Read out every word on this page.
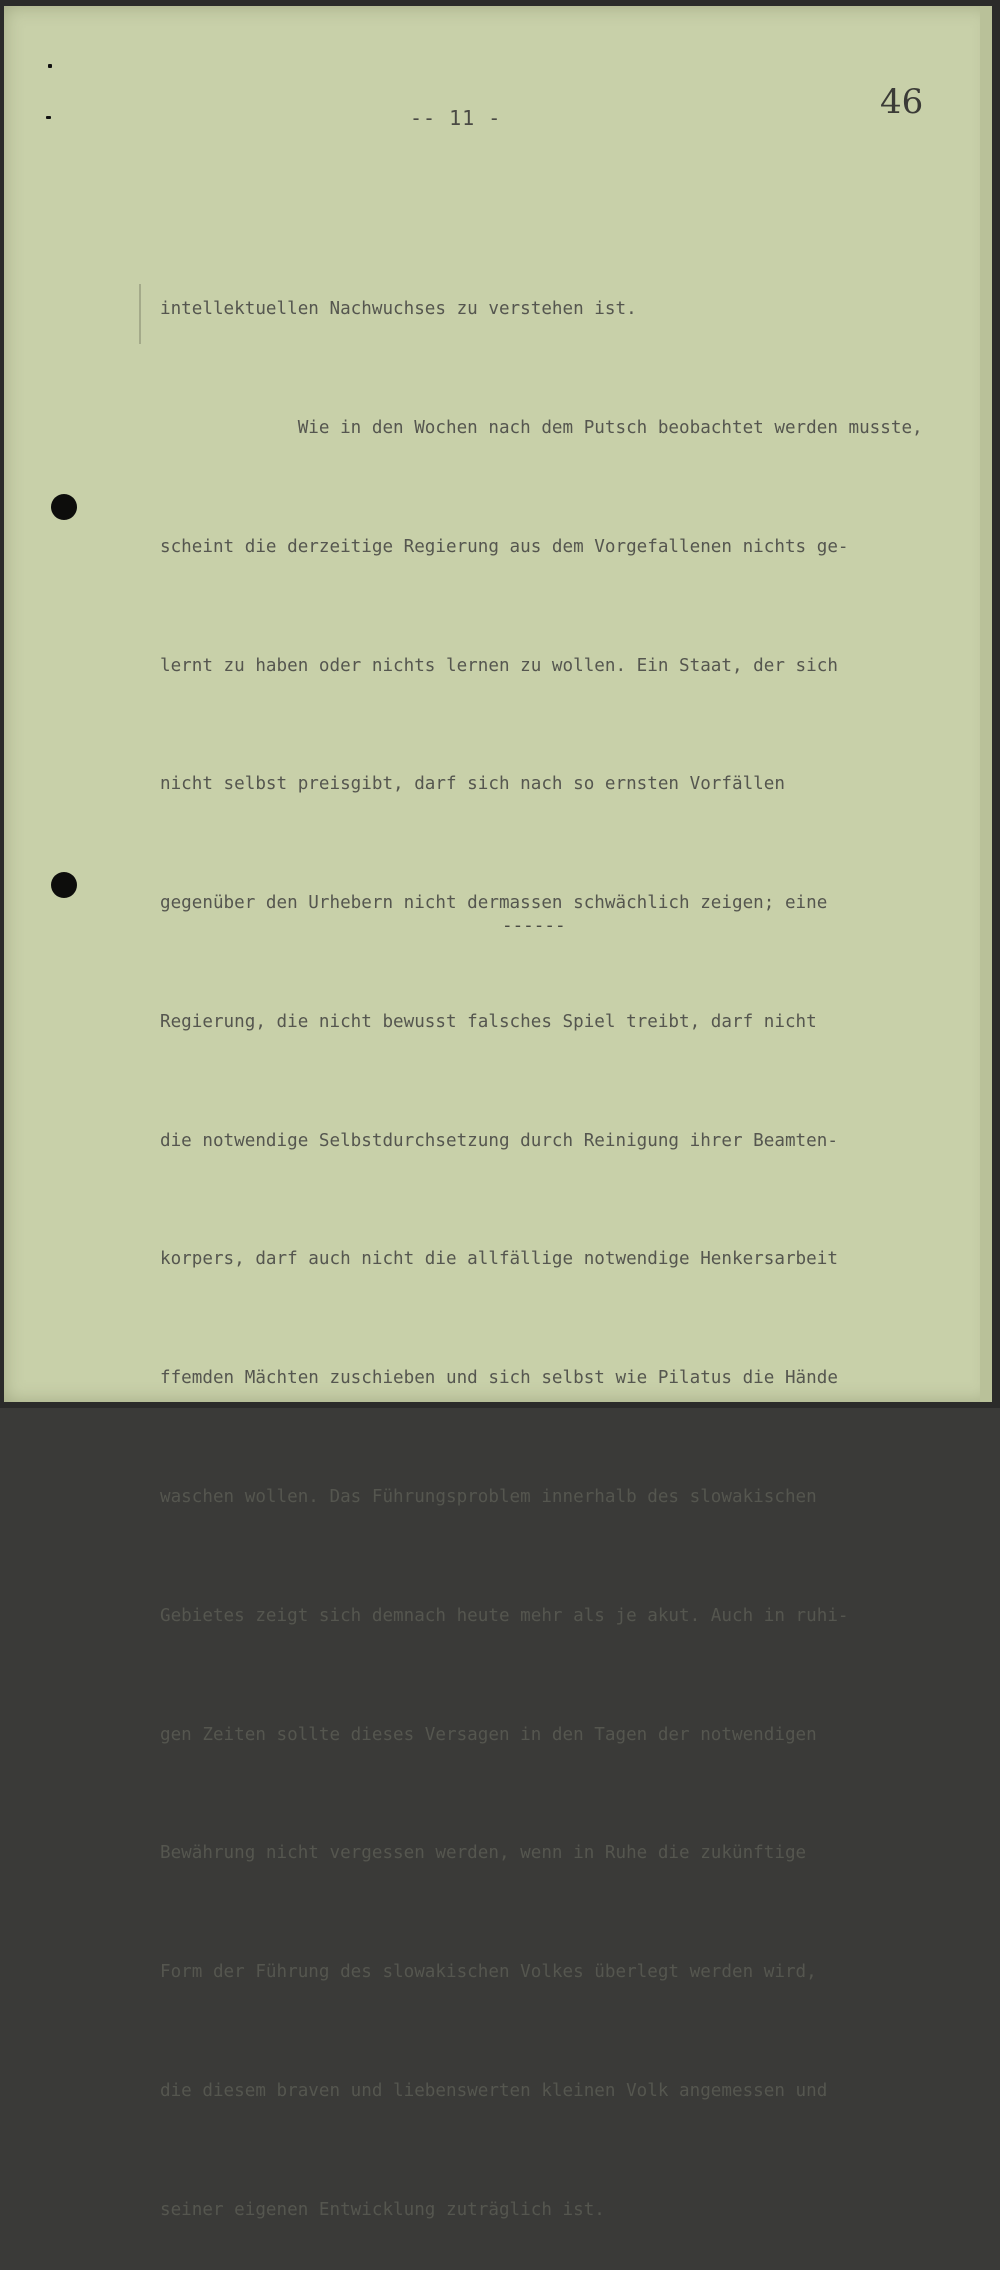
-- 11 -	46

intellektuellen Nachwuchses zu verstehen ist.

Wie in den Wochen nach dem Putsch beobachtet werden musste,

scheint die derzeitige Regierung aus dem Vorgefallenen nichts ge-

lernt zu haben oder nichts lernen zu wollen. Ein Staat, der sich

nicht selbst preisgibt, darf sich nach so ernsten Vorfällen

gegenüber den Urhebern nicht dermassen schwächlich zeigen; eine

Regierung, die nicht bewusst falsches Spiel treibt, darf nicht

die notwendige Selbstdurchsetzung durch Reinigung ihrer Beamten-

korpers, darf auch nicht die allfällige notwendige Henkersarbeit

ffemden Mächten zuschieben und sich selbst wie Pilatus die Hände

waschen wollen. Das Führungsproblem innerhalb des slowakischen

Gebietes zeigt sich demnach heute mehr als je akut. Auch in ruhi-

gen Zeiten sollte dieses Versagen in den Tagen der notwendigen

Bewährung nicht vergessen werden, wenn in Ruhe die zukünftige

Form der Führung des slowakischen Volkes überlegt werden wird,

die diesem braven und liebenswerten kleinen Volk angemessen und

seiner eigenen Entwicklung zuträglich ist.

------
